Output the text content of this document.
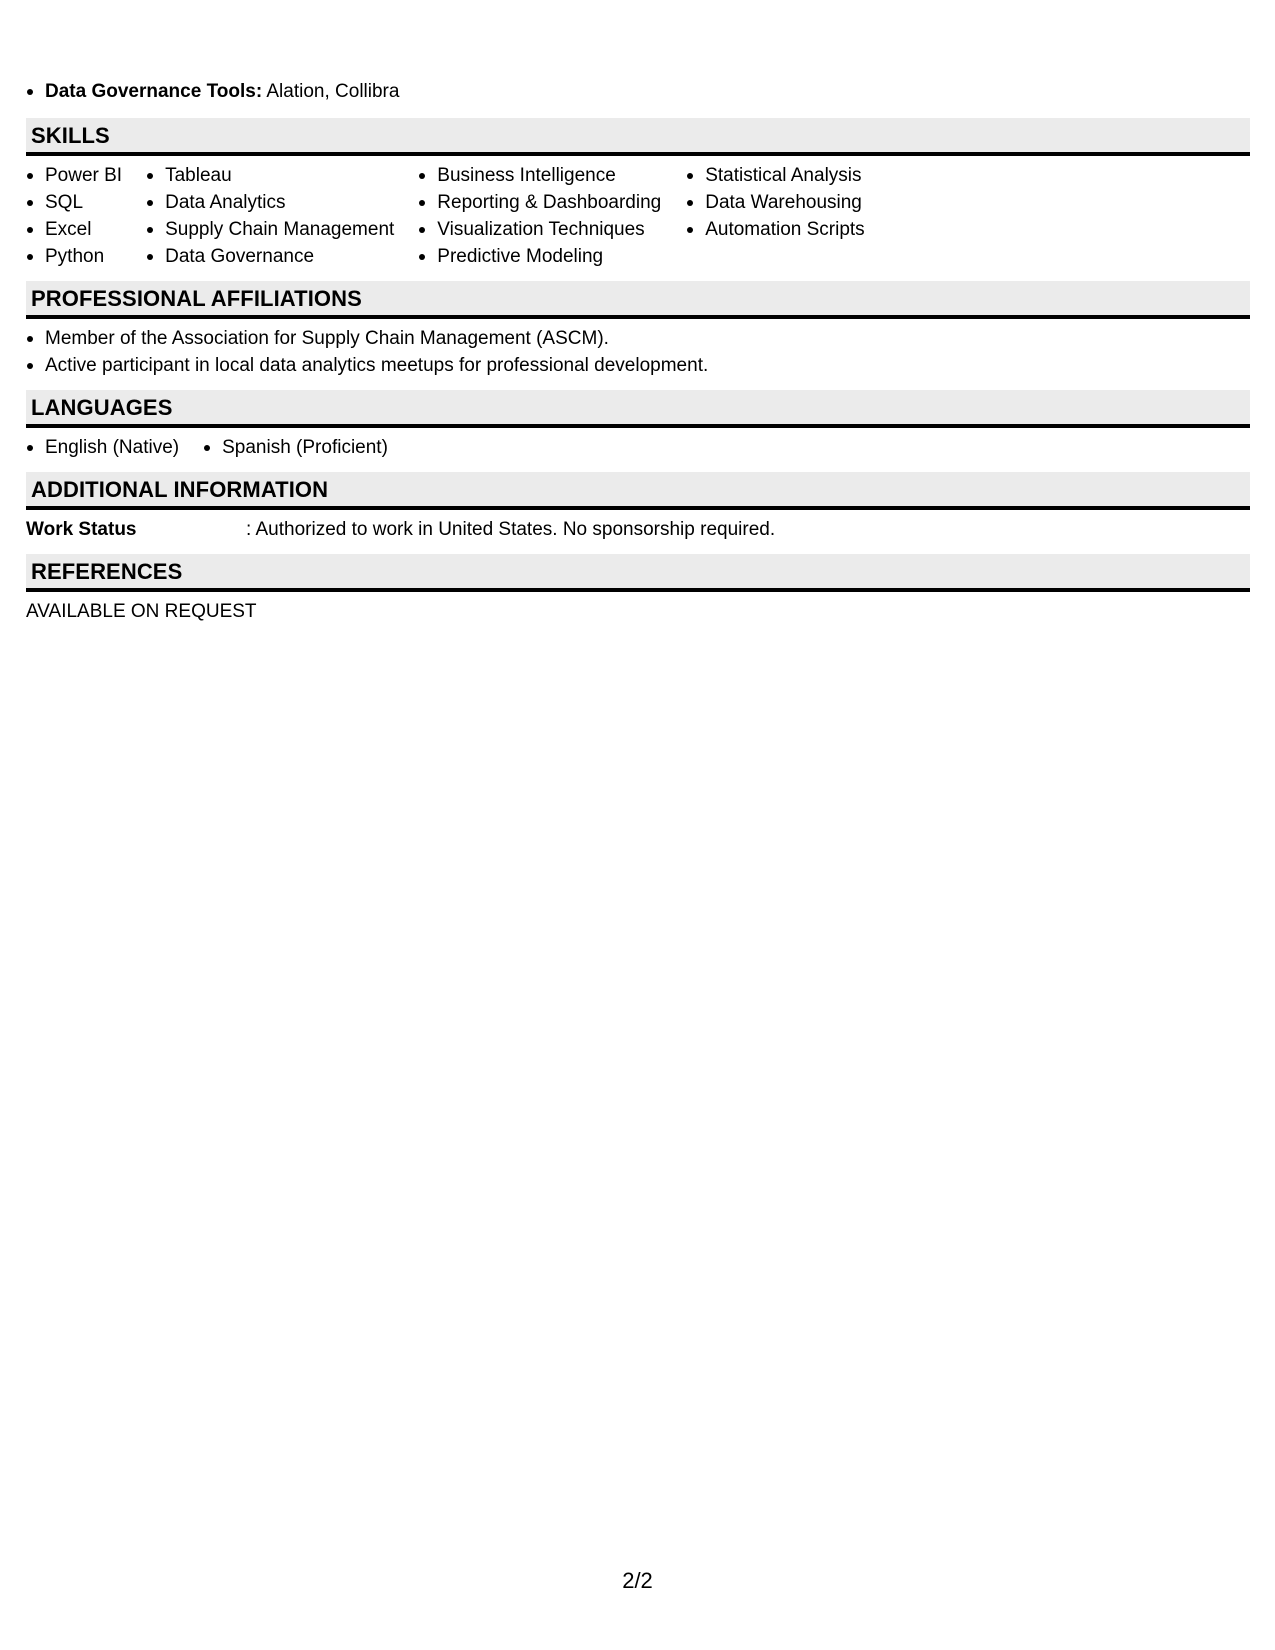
Data Governance Tools: Alation, Collibra
SKILLS
Power BI
SQL
Excel
Python
Tableau
Data Analytics
Supply Chain Management
Data Governance
Business Intelligence
Reporting & Dashboarding
Visualization Techniques
Predictive Modeling
Statistical Analysis
Data Warehousing
Automation Scripts
PROFESSIONAL AFFILIATIONS
Member of the Association for Supply Chain Management (ASCM).
Active participant in local data analytics meetups for professional development.
LANGUAGES
English (Native)	Spanish (Proficient)
ADDITIONAL INFORMATION
Work Status	: Authorized to work in United States. No sponsorship required.
REFERENCES
AVAILABLE ON REQUEST
2/2
